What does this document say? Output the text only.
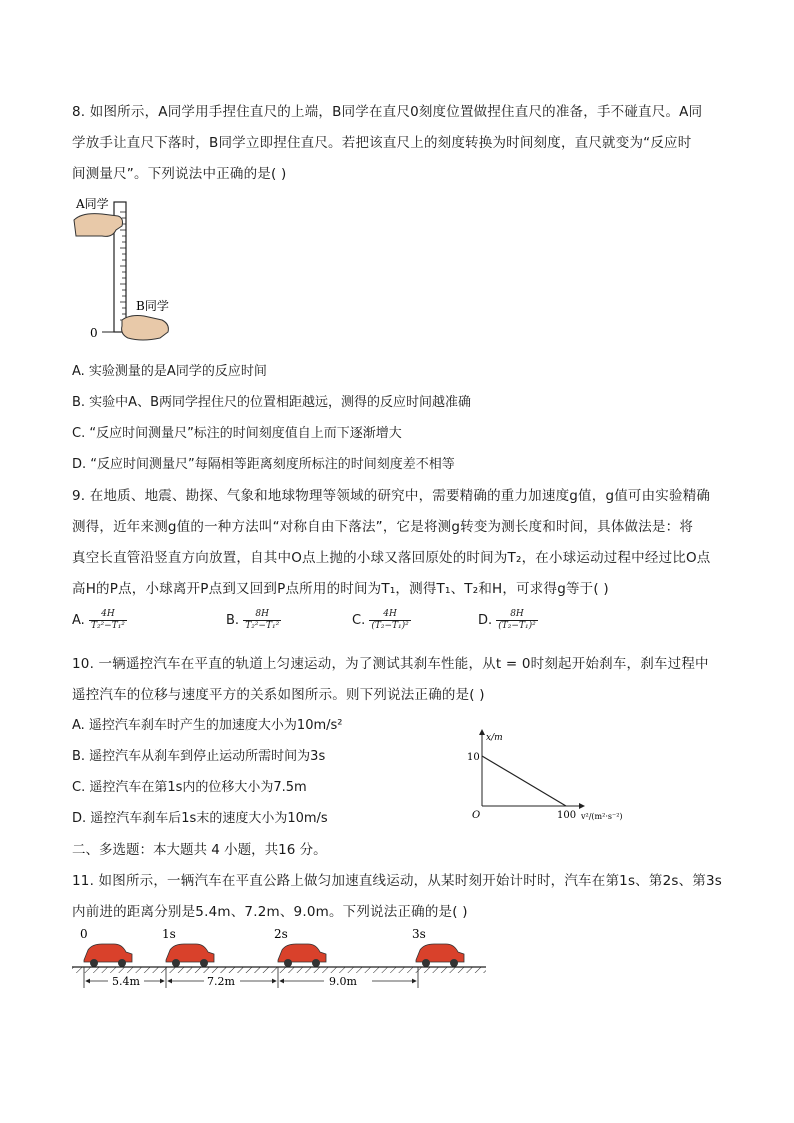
8. 如图所示，A同学用手捏住直尺的上端，B同学在直尺0刻度位置做捏住直尺的准备，手不碰直尺。A同
学放手让直尺下落时，B同学立即捏住直尺。若把该直尺上的刻度转换为时间刻度，直尺就变为“反应时
间测量尺”。下列说法中正确的是( )
A同学
B同学
0
A. 实验测量的是A同学的反应时间
B. 实验中A、B两同学捏住尺的位置相距越远，测得的反应时间越准确
C. “反应时间测量尺”标注的时间刻度值自上而下逐渐增大
D. “反应时间测量尺”每隔相等距离刻度所标注的时间刻度差不相等
9. 在地质、地震、勘探、气象和地球物理等领域的研究中，需要精确的重力加速度g值，g值可由实验精确
测得，近年来测g值的一种方法叫“对称自由下落法”，它是将测g转变为测长度和时间，具体做法是：将
真空长直管沿竖直方向放置，自其中O点上抛的小球又落回原处的时间为T₂，在小球运动过程中经过比O点
高H的P点，小球离开P点到又回到P点所用的时间为T₁，测得T₁、T₂和H，可求得g等于( )
A. $\frac{4H}{\text{T₂²−T₁²}}$	B. $\frac{8H}{\text{T₂²−T₁²}}$	C. $\frac{4H}{\text{(T₂−T₁)²}}$	D. $\frac{8H}{\text{(T₂−T₁)²}}$
10. 一辆遥控汽车在平直的轨道上匀速运动，为了测试其刹车性能，从t = 0时刻起开始刹车，刹车过程中
遥控汽车的位移与速度平方的关系如图所示。则下列说法正确的是( )
A. 遥控汽车刹车时产生的加速度大小为10m/s²
B. 遥控汽车从刹车到停止运动所需时间为3s
C. 遥控汽车在第1s内的位移大小为7.5m
D. 遥控汽车刹车后1s末的速度大小为10m/s
x/m
10
100
O	v²/(m²·s⁻²)
二、多选题：本大题共 4 小题，共16 分。
11. 如图所示，一辆汽车在平直公路上做匀加速直线运动，从某时刻开始计时时，汽车在第1s、第2s、第3s
内前进的距离分别是5.4m、7.2m、9.0m。下列说法正确的是( )
0	1s	2s	3s
5.4m	7.2m	9.0m
